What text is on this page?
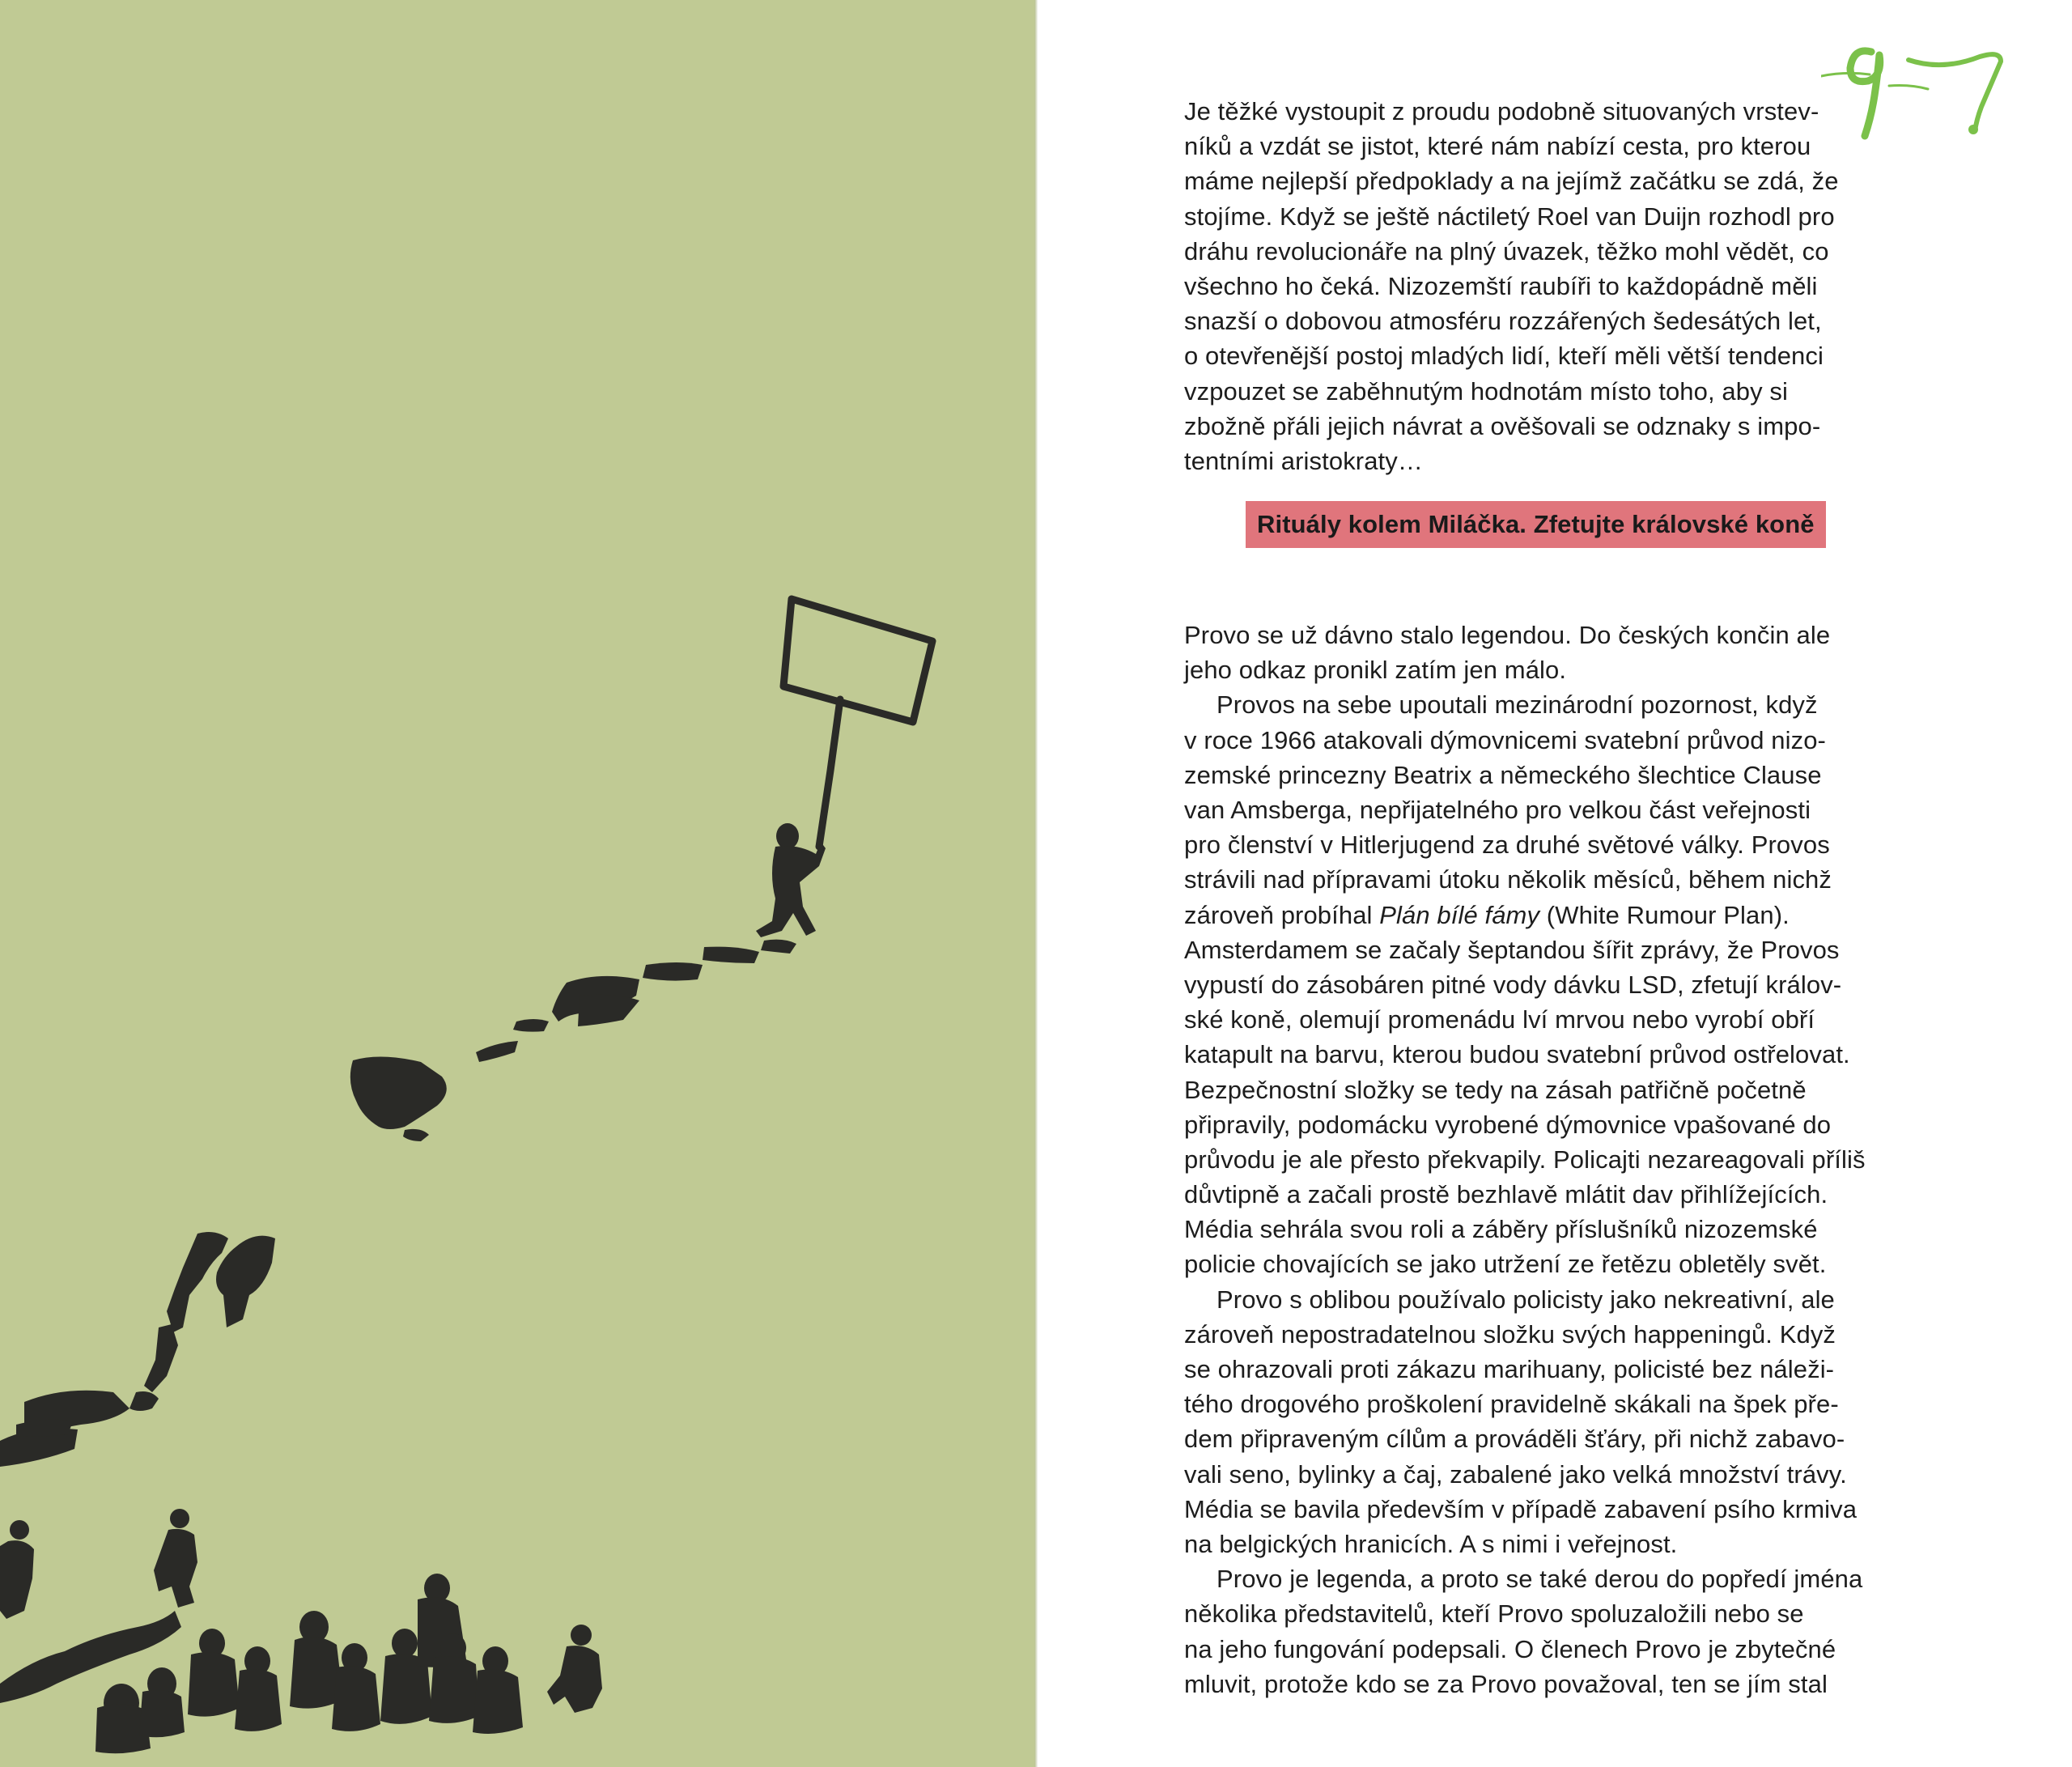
Je těžké vystoupit z proudu podobně situovaných vrstev-
níků a vzdát se jistot, které nám nabízí cesta, pro kterou
máme nejlepší předpoklady a na jejímž začátku se zdá, že
stojíme. Když se ještě náctiletý Roel van Duijn rozhodl pro
dráhu revolucionáře na plný úvazek, těžko mohl vědět, co
všechno ho čeká. Nizozemští raubíři to každopádně měli
snazší o dobovou atmosféru rozzářených šedesátých let,
o otevřenější postoj mladých lidí, kteří měli větší tendenci
vzpouzet se zaběhnutým hodnotám místo toho, aby si
zbožně přáli jejich návrat a ověšovali se odznaky s impo-
tentními aristokraty…
Rituály kolem Miláčka. Zfetujte královské koně
Provo se už dávno stalo legendou. Do českých končin ale
jeho odkaz pronikl zatím jen málo.
Provos na sebe upoutali mezinárodní pozornost, když
v roce 1966 atakovali dýmovnicemi svatební průvod nizo-
zemské princezny Beatrix a německého šlechtice Clause
van Amsberga, nepřijatelného pro velkou část veřejnosti
pro členství v Hitlerjugend za druhé světové války. Provos
strávili nad přípravami útoku několik měsíců, během nichž
zároveň probíhal Plán bílé fámy (White Rumour Plan).
Amsterdamem se začaly šeptandou šířit zprávy, že Provos
vypustí do zásobáren pitné vody dávku LSD, zfetují králov-
ské koně, olemují promenádu lví mrvou nebo vyrobí obří
katapult na barvu, kterou budou svatební průvod ostřelovat.
Bezpečnostní složky se tedy na zásah patřičně početně
připravily, podomácku vyrobené dýmovnice vpašované do
průvodu je ale přesto překvapily. Policajti nezareagovali příliš
důvtipně a začali prostě bezhlavě mlátit dav přihlížejících.
Média sehrála svou roli a záběry příslušníků nizozemské
policie chovajících se jako utržení ze řetězu obletěly svět.
Provo s oblibou používalo policisty jako nekreativní, ale
zároveň nepostradatelnou složku svých happeningů. Když
se ohrazovali proti zákazu marihuany, policisté bez náleži-
tého drogového proškolení pravidelně skákali na špek pře-
dem připraveným cílům a prováděli šťáry, při nichž zabavo-
vali seno, bylinky a čaj, zabalené jako velká množství trávy.
Média se bavila především v případě zabavení psího krmiva
na belgických hranicích. A s nimi i veřejnost.
Provo je legenda, a proto se také derou do popředí jména
několika představitelů, kteří Provo spoluzaložili nebo se
na jeho fungování podepsali. O členech Provo je zbytečné
mluvit, protože kdo se za Provo považoval, ten se jím stal
